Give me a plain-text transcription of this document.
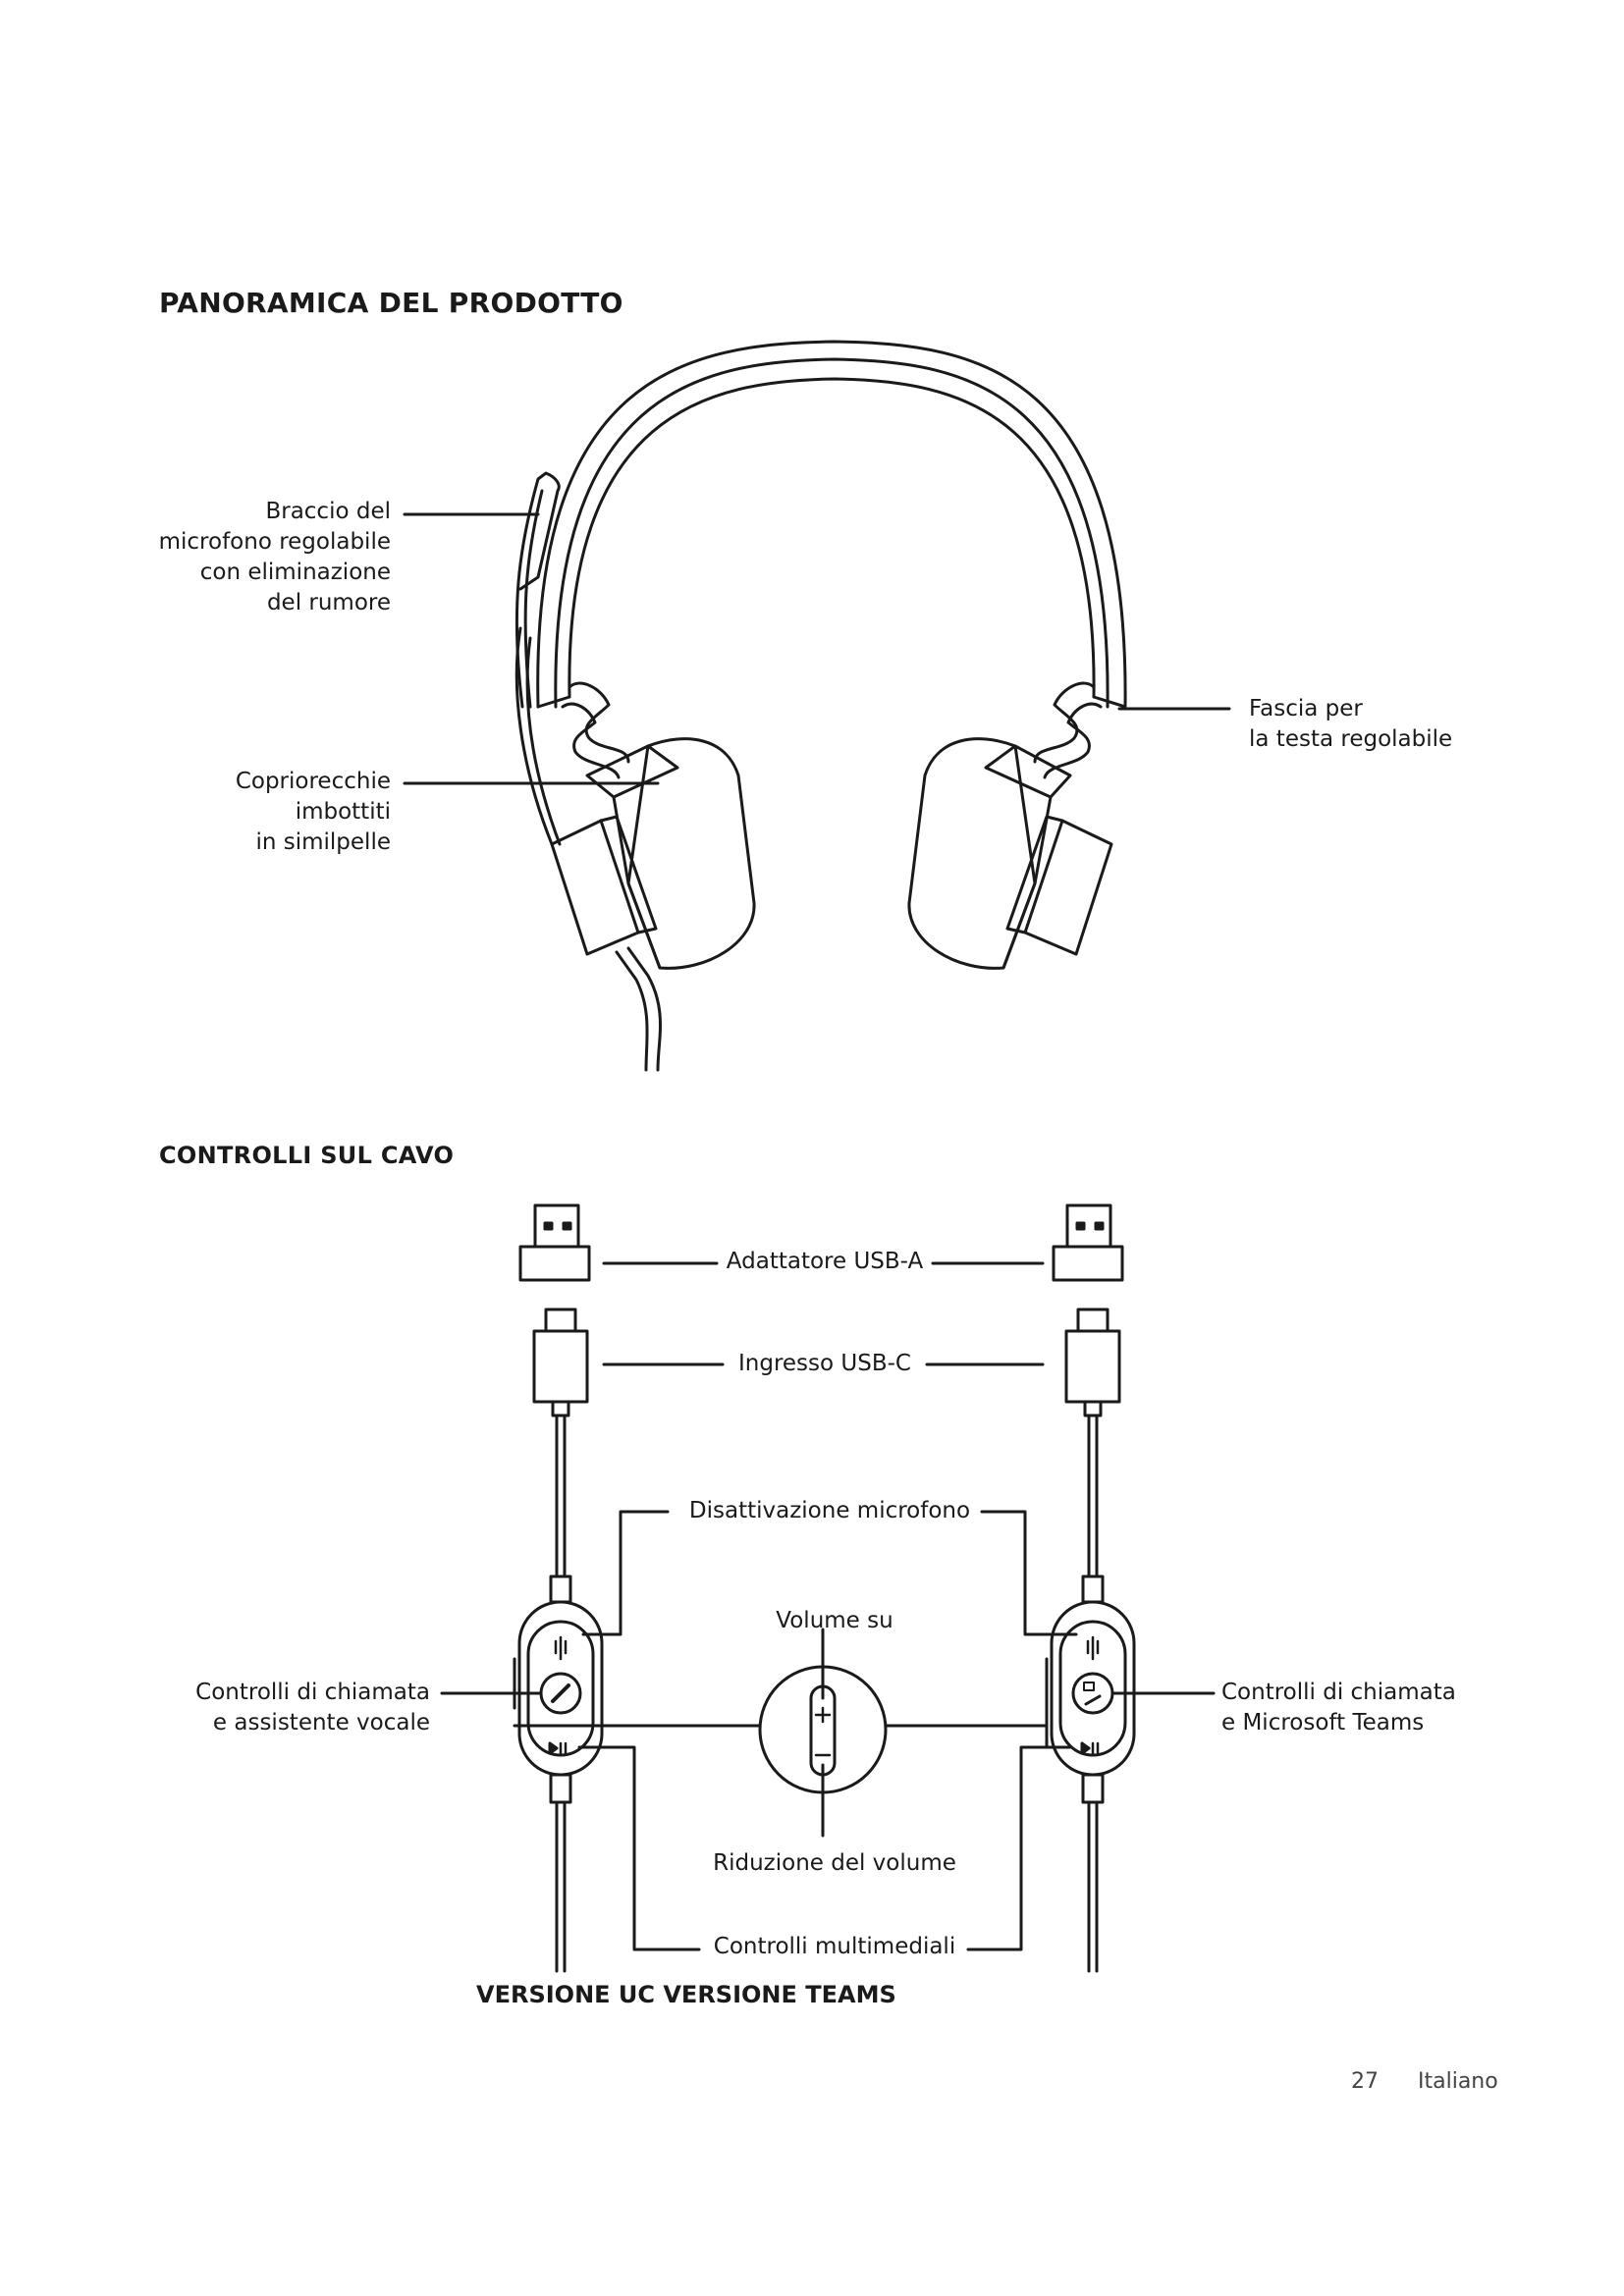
PANORAMICA DEL PRODOTTO
Braccio del
microfono regolabile
con eliminazione
del rumore
Copriorecchie
imbottiti
in similpelle
Fascia per
la testa regolabile
CONTROLLI SUL CAVO
Adattatore USB-A
Ingresso USB-C
Disattivazione microfono
Volume su
Controlli di chiamata
e assistente vocale
Controlli di chiamata
e Microsoft Teams
Riduzione del volume
Controlli multimediali
VERSIONE UC VERSIONE TEAMS
27 Italiano
